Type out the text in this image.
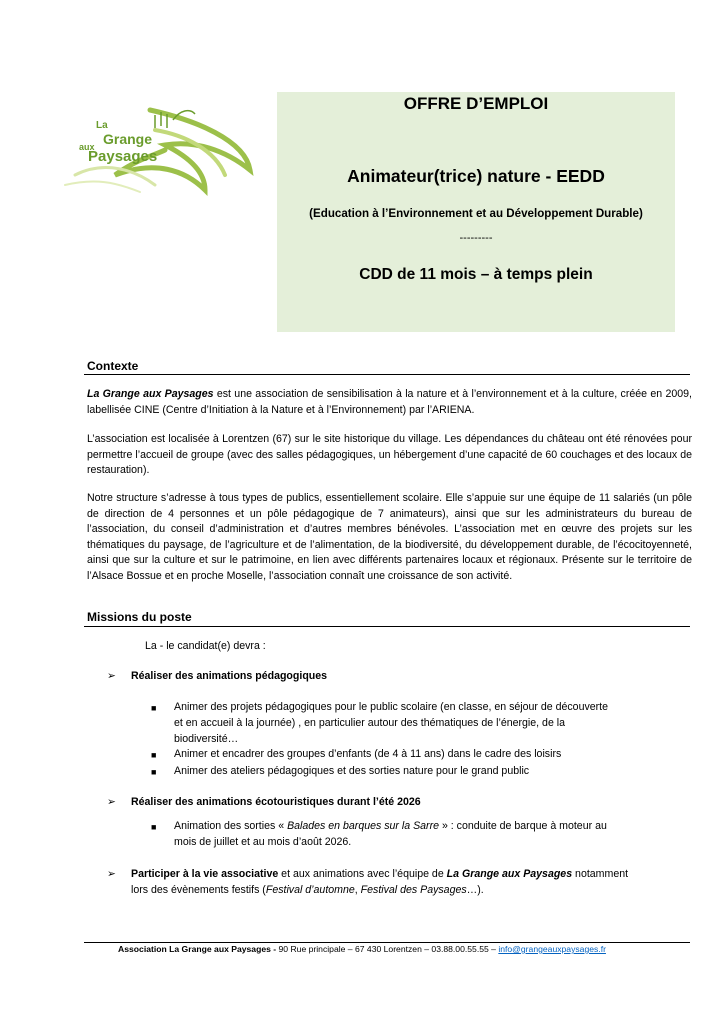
La
Grange
aux
Paysages
OFFRE D’EMPLOI
Animateur(trice) nature - EEDD
(Education à l’Environnement et au Développement Durable)
---------
CDD de 11 mois – à temps plein
Contexte

La Grange aux Paysages est une association de sensibilisation à la nature et à l’environnement et à la culture, créée en 2009, labellisée CINE (Centre d’Initiation à la Nature et à l’Environnement) par l’ARIENA.

L’association est localisée à Lorentzen (67) sur le site historique du village. Les dépendances du château ont été rénovées pour permettre l’accueil de groupe (avec des salles pédagogiques, un hébergement d’une capacité de 60 couchages et des locaux de restauration).

Notre structure s’adresse à tous types de publics, essentiellement scolaire. Elle s’appuie sur une équipe de 11 salariés (un pôle de direction de 4 personnes et un pôle pédagogique de 7 animateurs), ainsi que sur les administrateurs du bureau de l’association, du conseil d’administration et d’autres membres bénévoles. L’association met en œuvre des projets sur les thématiques du paysage, de l’agriculture et de l’alimentation, de la biodiversité, du développement durable, de l’écocitoyenneté, ainsi que sur la culture et sur le patrimoine, en lien avec différents partenaires locaux et régionaux. Présente sur le territoire de l’Alsace Bossue et en proche Moselle, l’association connaît une croissance de son activité.

Missions du poste
La - le candidat(e) devra :
➢ Réaliser des animations pédagogiques
■ Animer des projets pédagogiques pour le public scolaire (en classe, en séjour de découverte
et en accueil à la journée) , en particulier autour des thématiques de l’énergie, de la
biodiversité…
■ Animer et encadrer des groupes d’enfants (de 4 à 11 ans) dans le cadre des loisirs
■ Animer des ateliers pédagogiques et des sorties nature pour le grand public
➢ Réaliser des animations écotouristiques durant l’été 2026
■ Animation des sorties « Balades en barques sur la Sarre » : conduite de barque à moteur au
mois de juillet et au mois d’août 2026.
➢ Participer à la vie associative et aux animations avec l’équipe de La Grange aux Paysages notamment
lors des évènements festifs (Festival d’automne, Festival des Paysages…).
Association La Grange aux Paysages - 90 Rue principale – 67 430 Lorentzen – 03.88.00.55.55 – info@grangeauxpaysages.fr
